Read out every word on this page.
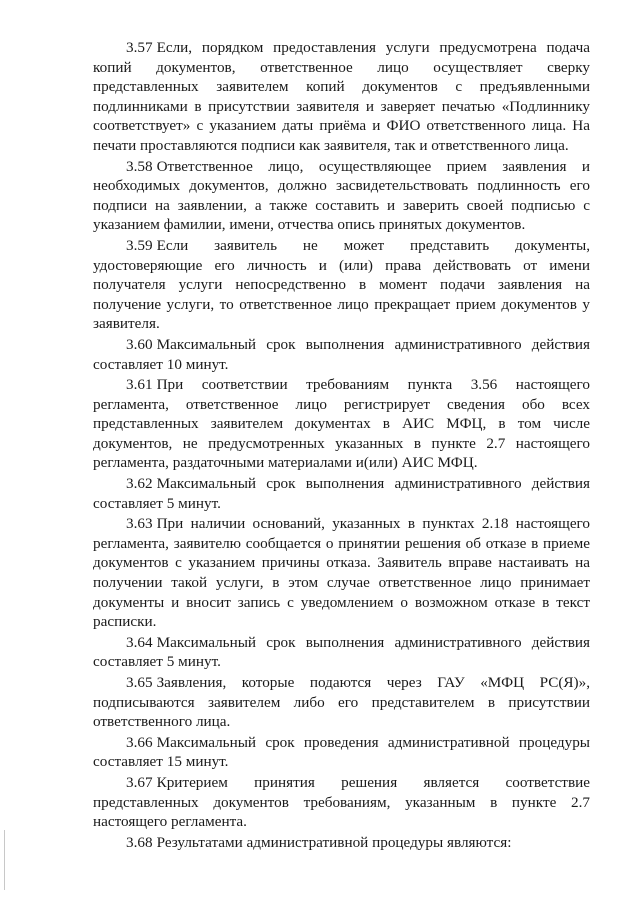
3.57 Если, порядком предоставления услуги предусмотрена подача копий документов, ответственное лицо осуществляет сверку представленных заявителем копий документов с предъявленными подлинниками в присутствии заявителя и заверяет печатью «Подлиннику соответствует» с указанием даты приёма и ФИО ответственного лица. На печати проставляются подписи как заявителя, так и ответственного лица.

3.58 Ответственное лицо, осуществляющее прием заявления и необходимых документов, должно засвидетельствовать подлинность его подписи на заявлении, а также составить и заверить своей подписью с указанием фамилии, имени, отчества опись принятых документов.

3.59 Если заявитель не может представить документы, удостоверяющие его личность и (или) права действовать от имени получателя услуги непосредственно в момент подачи заявления на получение услуги, то ответственное лицо прекращает прием документов у заявителя.

3.60 Максимальный срок выполнения административного действия составляет 10 минут.

3.61 При соответствии требованиям пункта 3.56 настоящего регламента, ответственное лицо регистрирует сведения обо всех представленных заявителем документах в АИС МФЦ, в том числе документов, не предусмотренных указанных в пункте 2.7 настоящего регламента, раздаточными материалами и(или) АИС МФЦ.

3.62 Максимальный срок выполнения административного действия составляет 5 минут.

3.63 При наличии оснований, указанных в пунктах 2.18 настоящего регламента, заявителю сообщается о принятии решения об отказе в приеме документов с указанием причины отказа. Заявитель вправе настаивать на получении такой услуги, в этом случае ответственное лицо принимает документы и вносит запись с уведомлением о возможном отказе в текст расписки.

3.64 Максимальный срок выполнения административного действия составляет 5 минут.

3.65 Заявления, которые подаются через ГАУ «МФЦ РС(Я)», подписываются заявителем либо его представителем в присутствии ответственного лица.

3.66 Максимальный срок проведения административной процедуры составляет 15 минут.

3.67 Критерием принятия решения является соответствие представленных документов требованиям, указанным в пункте 2.7 настоящего регламента.

3.68 Результатами административной процедуры являются:
